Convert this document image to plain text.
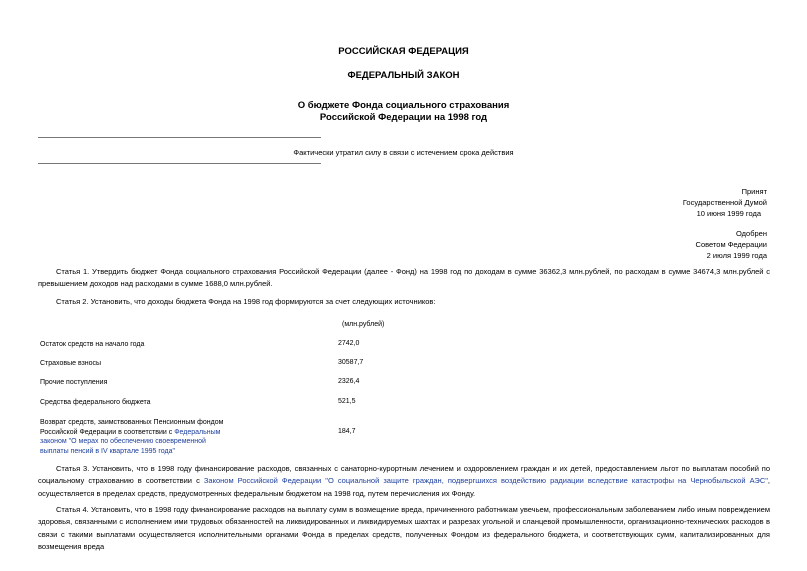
РОССИЙСКАЯ ФЕДЕРАЦИЯ
ФЕДЕРАЛЬНЫЙ ЗАКОН
О бюджете Фонда социального страхования
Российской Федерации на 1998 год
Фактически утратил силу в связи с истечением срока действия
Принят
Государственной Думой
10 июня 1999 года
Одобрен
Советом Федерации
2 июля 1999 года
Статья 1. Утвердить бюджет Фонда социального страхования Российской Федерации (далее - Фонд) на 1998 год по доходам в сумме 36362,3 млн.рублей, по расходам в сумме 34674,3 млн.рублей с превышением доходов над расходами в сумме 1688,0 млн.рублей.
Статья 2. Установить, что доходы бюджета Фонда на 1998 год формируются за счет следующих источников:
(млн.рублей)
Остаток средств на начало года	2742,0
Страховые взносы	30587,7
Прочие поступления	2326,4
Средства федерального бюджета	521,5
Возврат средств, заимствованных Пенсионным фондом
Российской Федерации в соответствии с Федеральным
законом "О мерах по обеспечению своевременной
выплаты пенсий в IV квартале 1995 года"
184,7
Статья 3. Установить, что в 1998 году финансирование расходов, связанных с санаторно-курортным лечением и оздоровлением граждан и их детей, предоставлением льгот по выплатам пособий по социальному страхованию в соответствии с Законом Российской Федерации "О социальной защите граждан, подвергшихся воздействию радиации вследствие катастрофы на Чернобыльской АЭС", осуществляется в пределах средств, предусмотренных федеральным бюджетом на 1998 год, путем перечисления их Фонду.
Статья 4. Установить, что в 1998 году финансирование расходов на выплату сумм в возмещение вреда, причиненного работникам увечьем, профессиональным заболеванием либо иным повреждением здоровья, связанными с исполнением ими трудовых обязанностей на ликвидированных и ликвидируемых шахтах и разрезах угольной и сланцевой промышленности, организационно-технических расходов в связи с такими выплатами осуществляется исполнительными органами Фонда в пределах средств, полученных Фондом из федерального бюджета, и соответствующих сумм, капитализированных для возмещения вреда
